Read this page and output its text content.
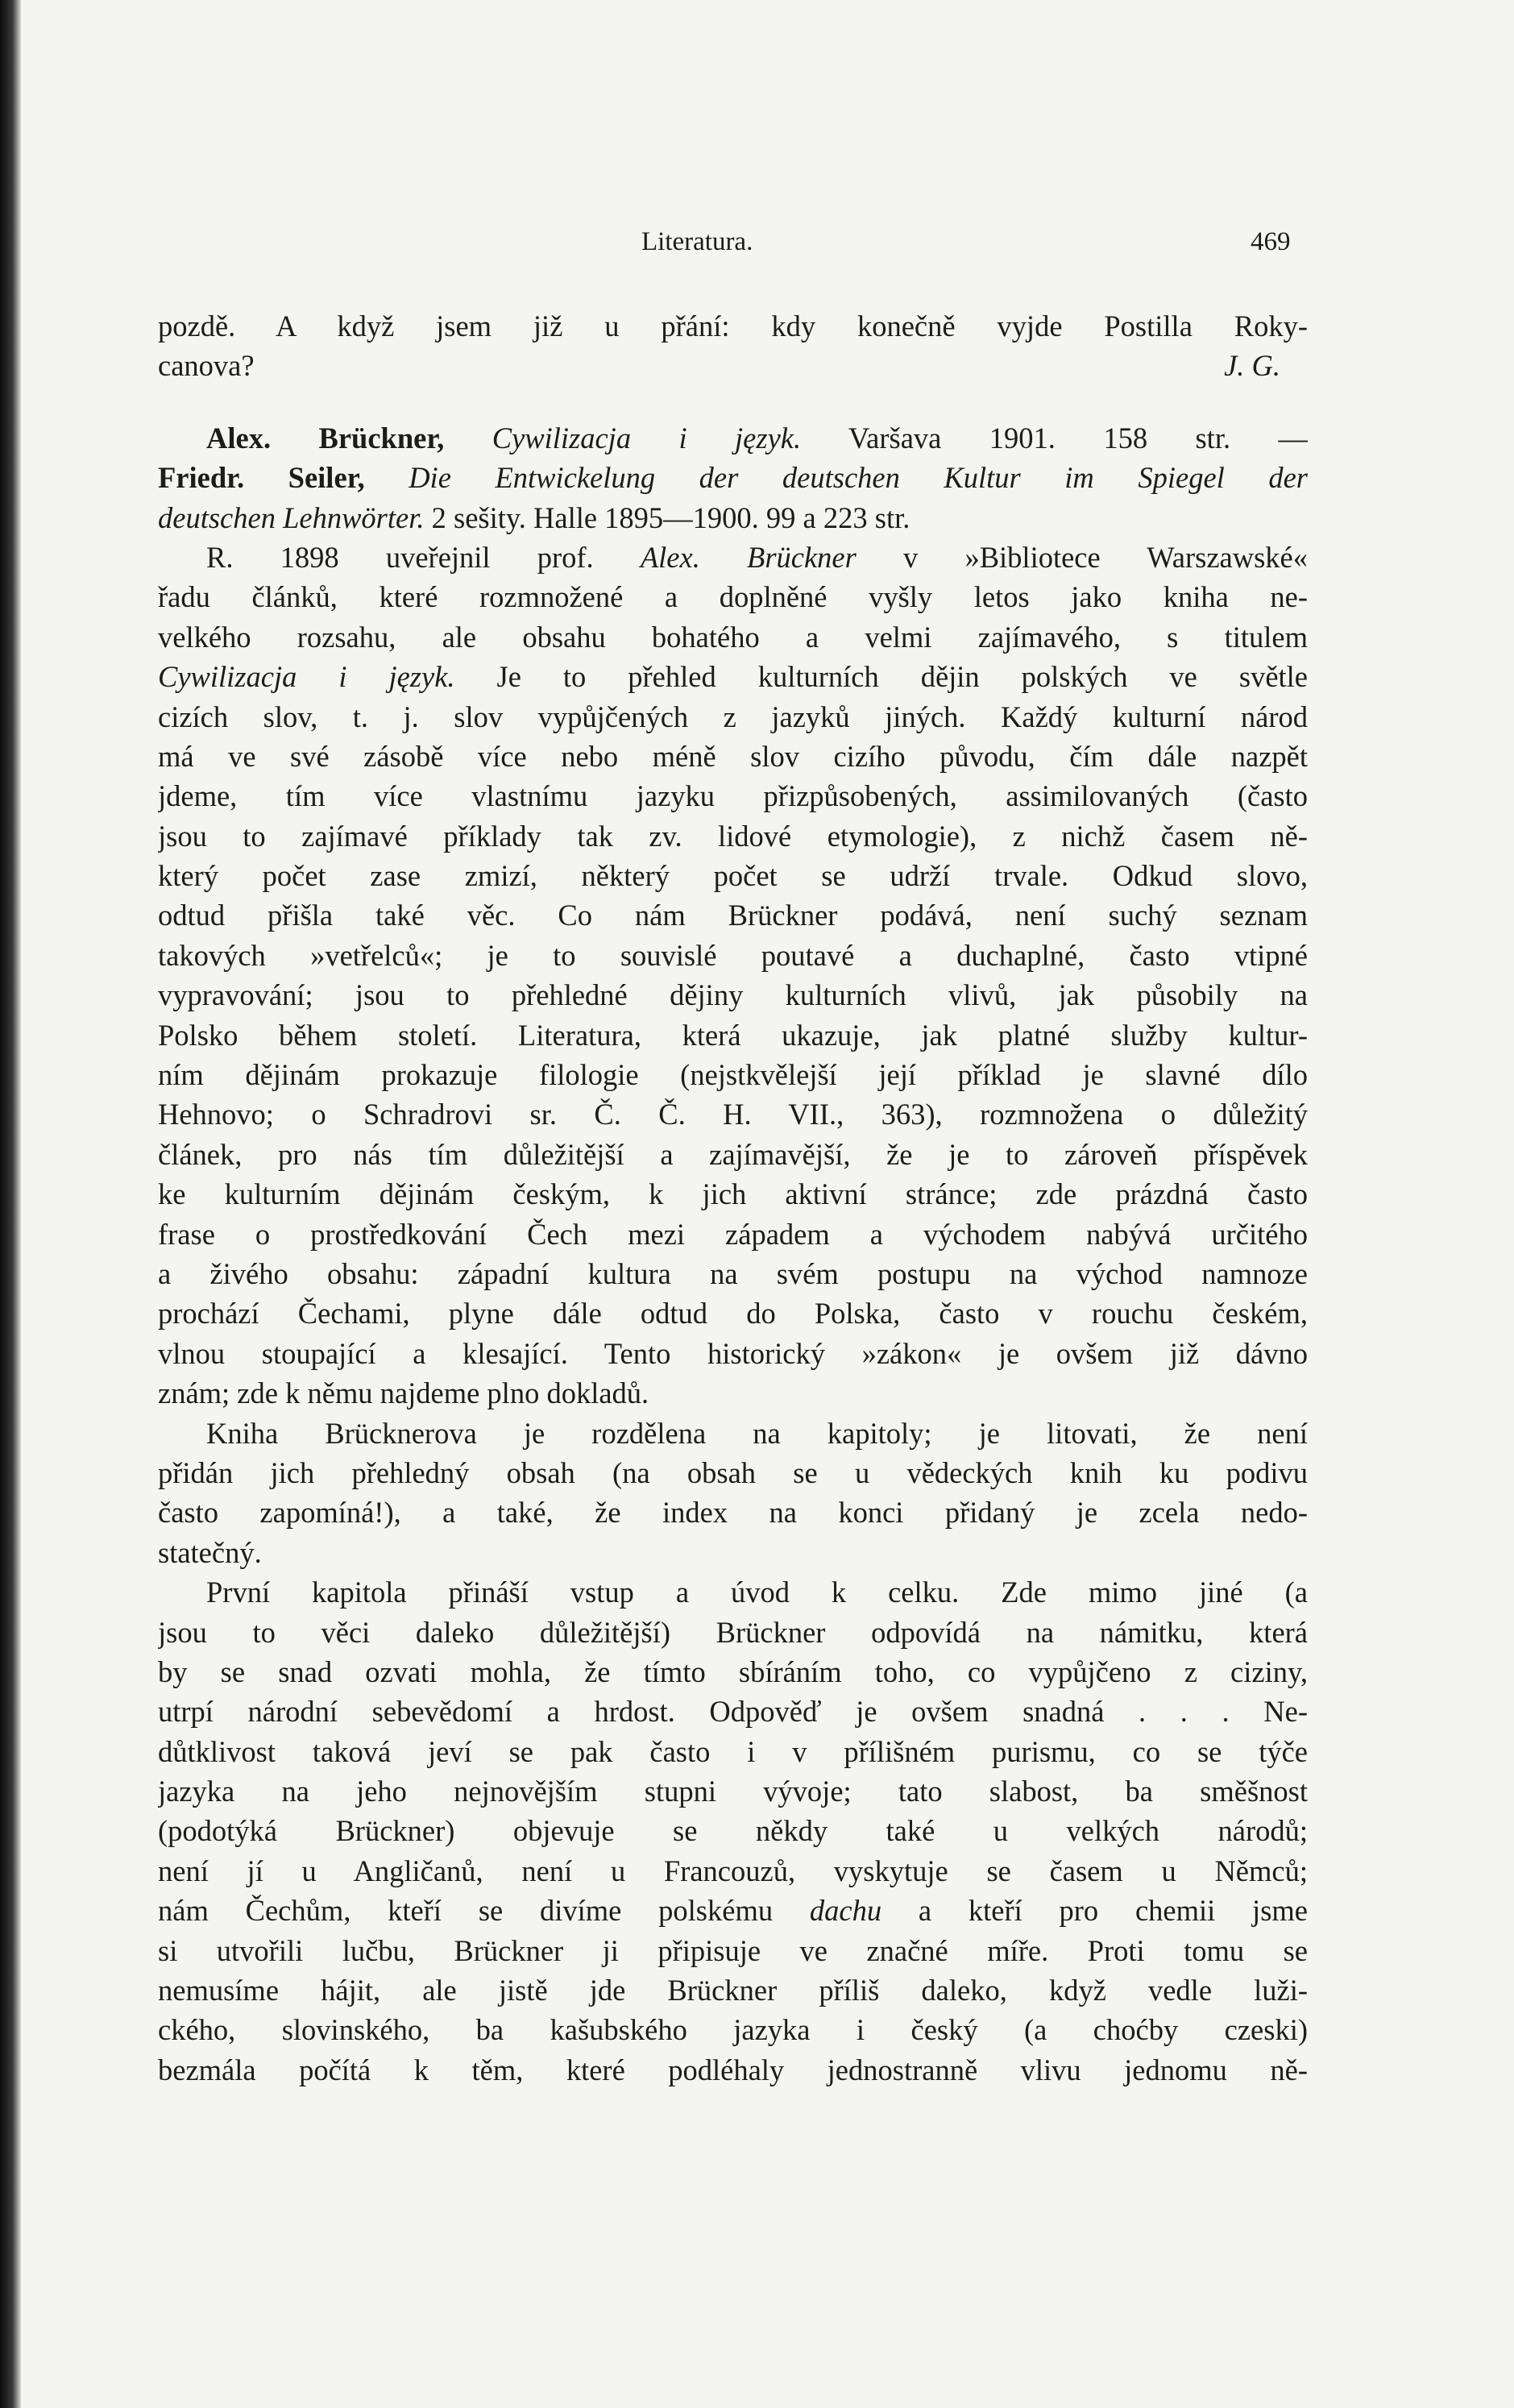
Literatura.	469
pozdě. A když jsem již u přání: kdy konečně vyjde Postilla Roky-
canova?	J. G.
Alex. Brückner, Cywilizacja i język. Varšava 1901. 158 str. —
Friedr. Seiler, Die Entwickelung der deutschen Kultur im Spiegel der
deutschen Lehnwörter. 2 sešity. Halle 1895—1900. 99 a 223 str.
R. 1898 uveřejnil prof. Alex. Brückner v »Bibliotece Warszawské«
řadu článků, které rozmnožené a doplněné vyšly letos jako kniha ne-
velkého rozsahu, ale obsahu bohatého a velmi zajímavého, s titulem
Cywilizacja i język. Je to přehled kulturních dějin polských ve světle
cizích slov, t. j. slov vypůjčených z jazyků jiných. Každý kulturní národ
má ve své zásobě více nebo méně slov cizího původu, čím dále nazpět
jdeme, tím více vlastnímu jazyku přizpůsobených, assimilovaných (často
jsou to zajímavé příklady tak zv. lidové etymologie), z nichž časem ně-
který počet zase zmizí, některý počet se udrží trvale. Odkud slovo,
odtud přišla také věc. Co nám Brückner podává, není suchý seznam
takových »vetřelců«; je to souvislé poutavé a duchaplné, často vtipné
vypravování; jsou to přehledné dějiny kulturních vlivů, jak působily na
Polsko během století. Literatura, která ukazuje, jak platné služby kultur-
ním dějinám prokazuje filologie (nejstkvělejší její příklad je slavné dílo
Hehnovo; o Schradrovi sr. Č. Č. H. VII., 363), rozmnožena o důležitý
článek, pro nás tím důležitější a zajímavější, že je to zároveň příspěvek
ke kulturním dějinám českým, k jich aktivní stránce; zde prázdná často
frase o prostředkování Čech mezi západem a východem nabývá určitého
a živého obsahu: západní kultura na svém postupu na východ namnoze
prochází Čechami, plyne dále odtud do Polska, často v rouchu českém,
vlnou stoupající a klesající. Tento historický »zákon« je ovšem již dávno
znám; zde k němu najdeme plno dokladů.
Kniha Brücknerova je rozdělena na kapitoly; je litovati, že není
přidán jich přehledný obsah (na obsah se u vědeckých knih ku podivu
často zapomíná!), a také, že index na konci přidaný je zcela nedo-
statečný.
První kapitola přináší vstup a úvod k celku. Zde mimo jiné (a
jsou to věci daleko důležitější) Brückner odpovídá na námitku, která
by se snad ozvati mohla, že tímto sbíráním toho, co vypůjčeno z ciziny,
utrpí národní sebevědomí a hrdost. Odpověď je ovšem snadná . . . Ne-
důtklivost taková jeví se pak často i v přílišném purismu, co se týče
jazyka na jeho nejnovějším stupni vývoje; tato slabost, ba směšnost
(podotýká Brückner) objevuje se někdy také u velkých národů;
není jí u Angličanů, není u Francouzů, vyskytuje se časem u Němců;
nám Čechům, kteří se divíme polskému dachu a kteří pro chemii jsme
si utvořili lučbu, Brückner ji připisuje ve značné míře. Proti tomu se
nemusíme hájit, ale jistě jde Brückner příliš daleko, když vedle luži-
ckého, slovinského, ba kašubského jazyka i český (a choćby czeski)
bezmála počítá k těm, které podléhaly jednostranně vlivu jednomu ně-
